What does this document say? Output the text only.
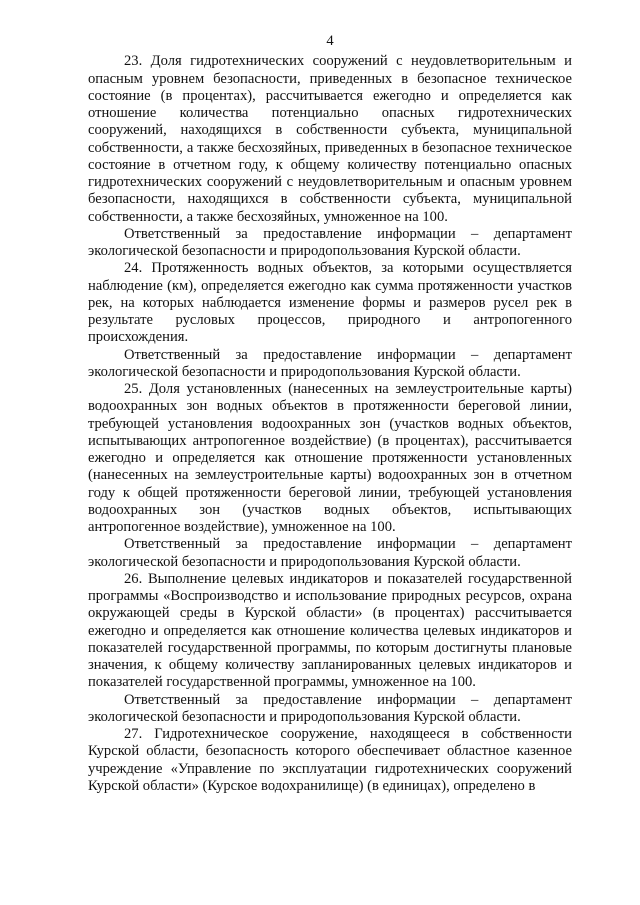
4

23. Доля гидротехнических сооружений с неудовлетворительным и опасным уровнем безопасности, приведенных в безопасное техническое состояние (в процентах), рассчитывается ежегодно и определяется как отношение количества потенциально опасных гидротехнических сооружений, находящихся в собственности субъекта, муниципальной собственности, а также бесхозяйных, приведенных в безопасное техническое состояние в отчетном году, к общему количеству потенциально опасных гидротехнических сооружений с неудовлетворительным и опасным уровнем безопасности, находящихся в собственности субъекта, муниципальной собственности, а также бесхозяйных, умноженное на 100.

Ответственный за предоставление информации – департамент экологической безопасности и природопользования Курской области.

24. Протяженность водных объектов, за которыми осуществляется наблюдение (км), определяется ежегодно как сумма протяженности участков рек, на которых наблюдается изменение формы и размеров русел рек в результате русловых процессов, природного и антропогенного происхождения.

Ответственный за предоставление информации – департамент экологической безопасности и природопользования Курской области.

25. Доля установленных (нанесенных на землеустроительные карты) водоохранных зон водных объектов в протяженности береговой линии, требующей установления водоохранных зон (участков водных объектов, испытывающих антропогенное воздействие) (в процентах), рассчитывается ежегодно и определяется как отношение протяженности установленных (нанесенных на землеустроительные карты) водоохранных зон в отчетном году к общей протяженности береговой линии, требующей установления водоохранных зон (участков водных объектов, испытывающих антропогенное воздействие), умноженное на 100.

Ответственный за предоставление информации – департамент экологической безопасности и природопользования Курской области.

26. Выполнение целевых индикаторов и показателей государственной программы «Воспроизводство и использование природных ресурсов, охрана окружающей среды в Курской области» (в процентах) рассчитывается ежегодно и определяется как отношение количества целевых индикаторов и показателей государственной программы, по которым достигнуты плановые значения, к общему количеству запланированных целевых индикаторов и показателей государственной программы, умноженное на 100.

Ответственный за предоставление информации – департамент экологической безопасности и природопользования Курской области.

27. Гидротехническое сооружение, находящееся в собственности Курской области, безопасность которого обеспечивает областное казенное учреждение «Управление по эксплуатации гидротехнических сооружений Курской области» (Курское водохранилище) (в единицах), определено в
